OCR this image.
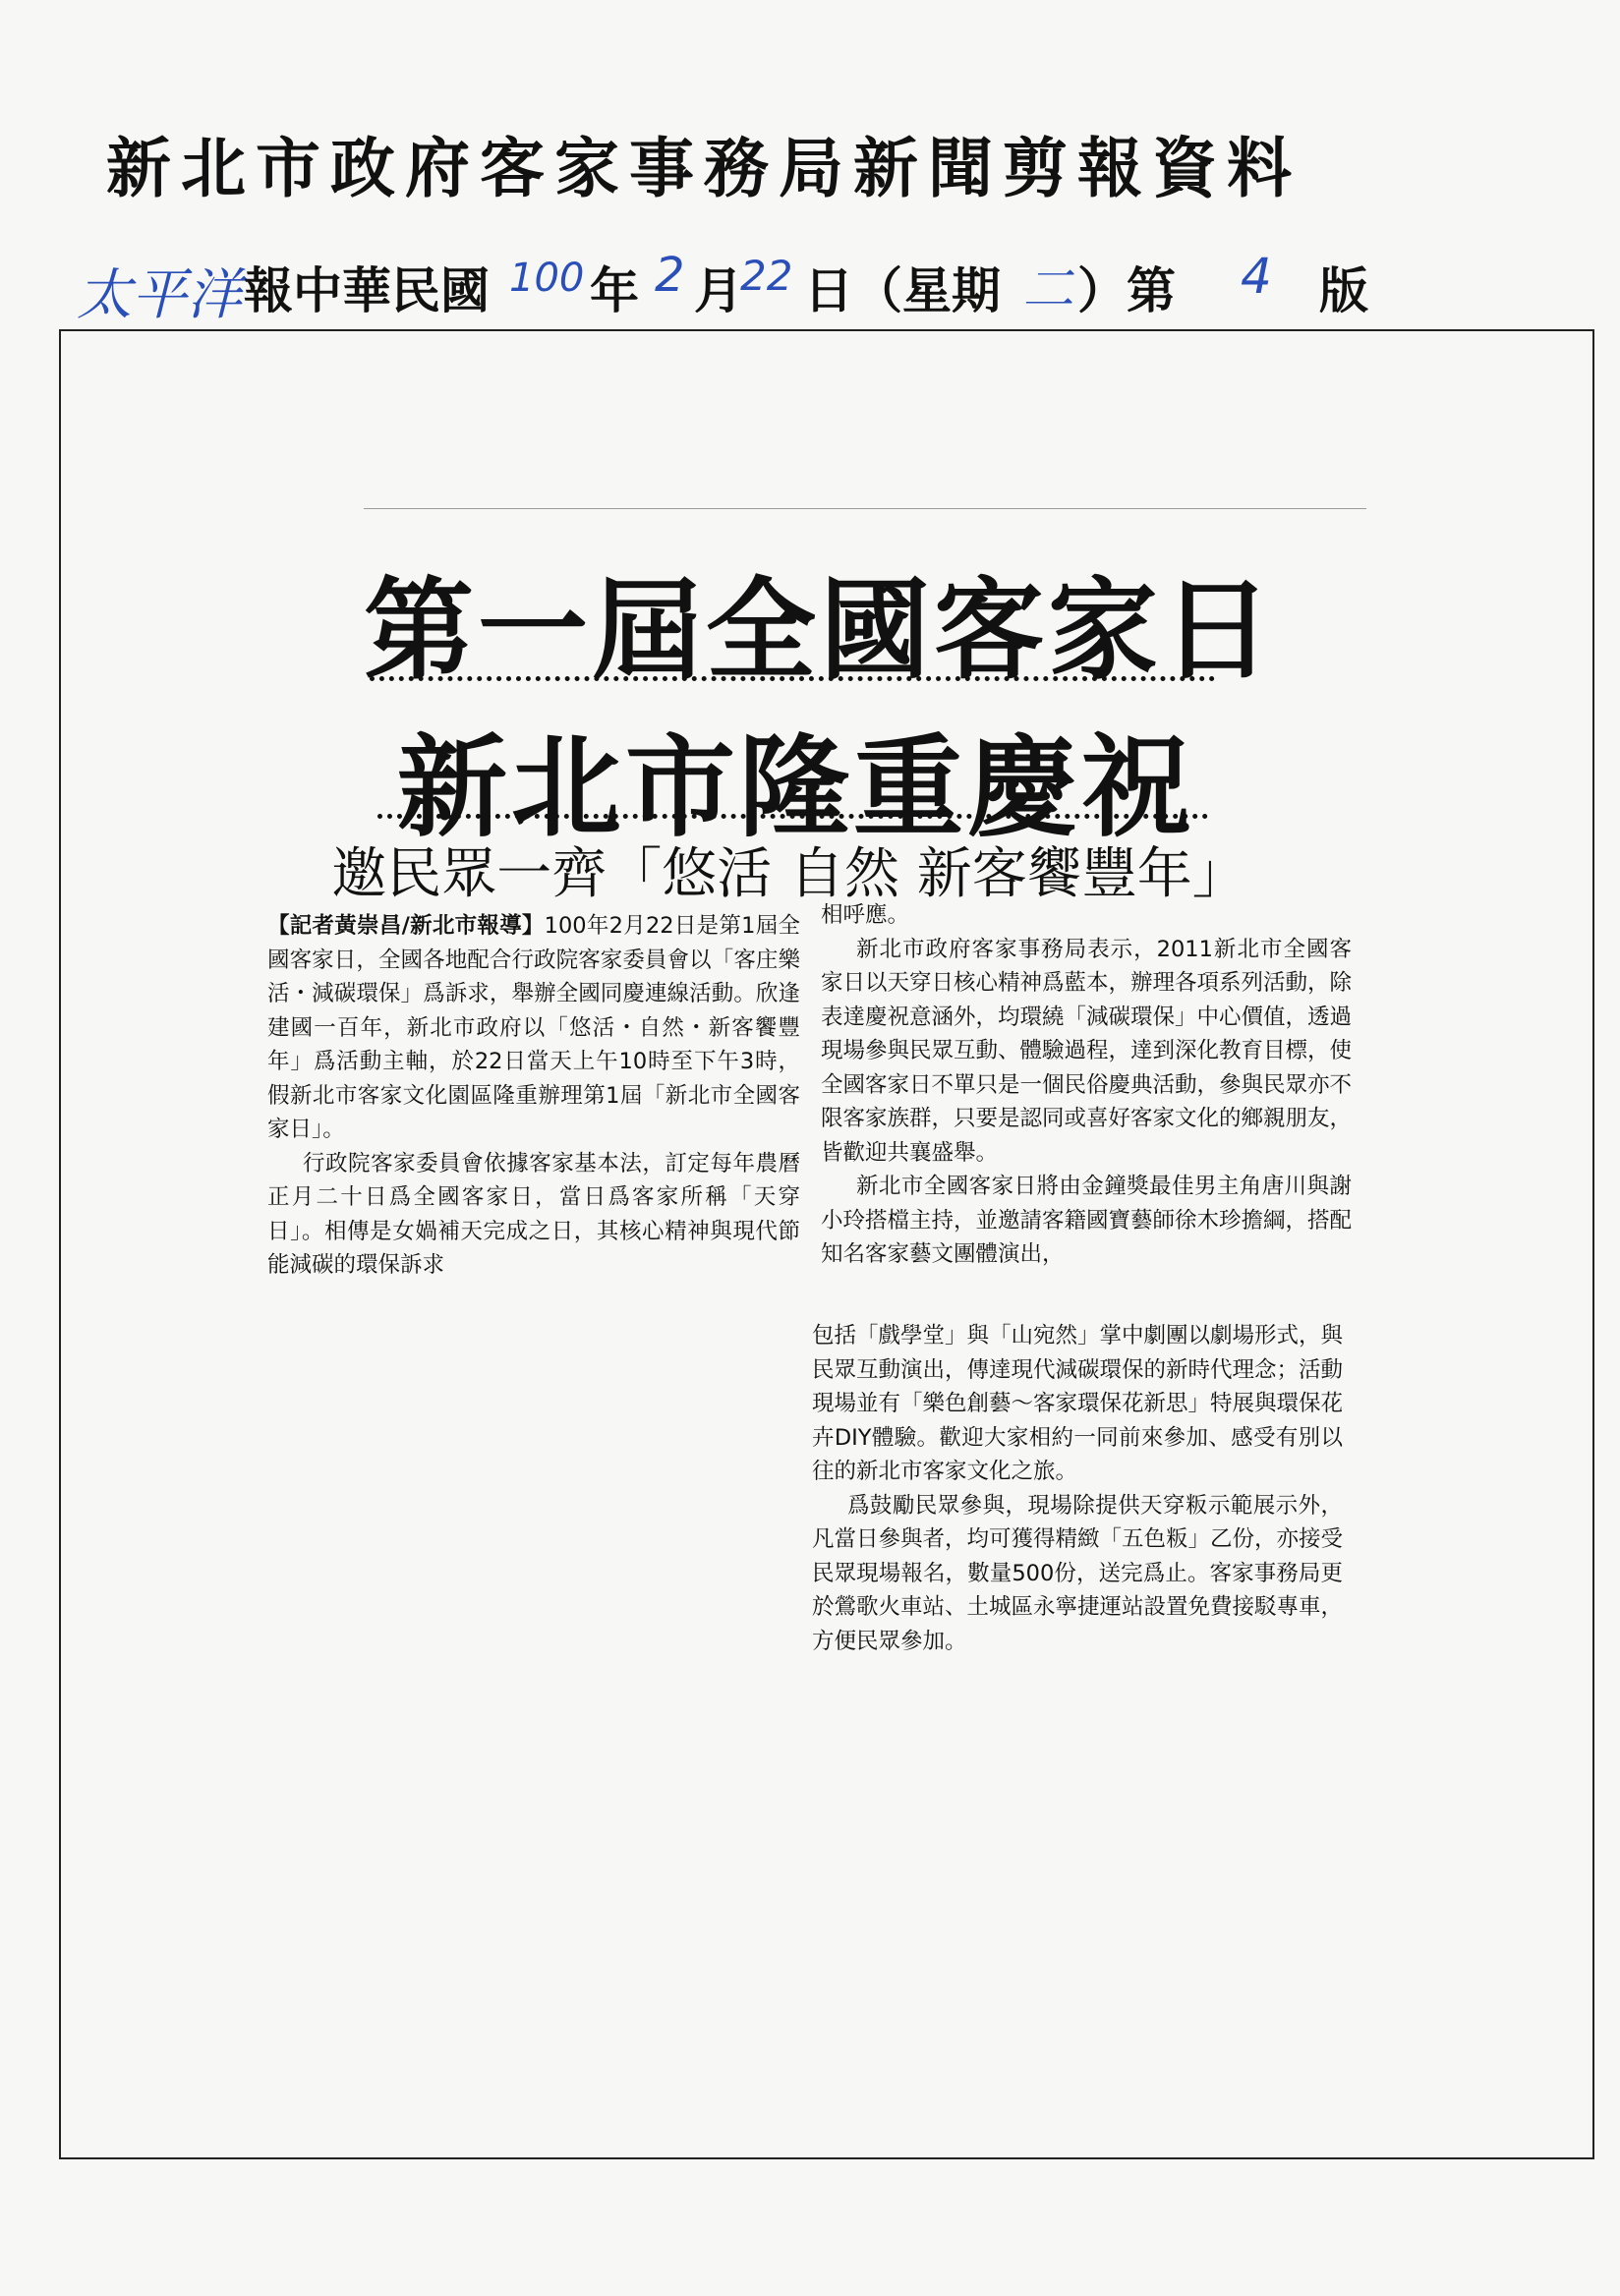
新北市政府客家事務局新聞剪報資料
太平洋 報中華民國 100 年 2 月
22 日（星期 二 ）第 4 版
第一屆全國客家日
新北市隆重慶祝
邀民眾一齊「悠活 自然 新客饗豐年」

【記者黃崇昌/新北市報導】100年2月22日是第1屆全國客家日，全國各地配合行政院客家委員會以「客庄樂活・減碳環保」爲訴求，舉辦全國同慶連線活動。欣逢建國一百年，新北市政府以「悠活・自然・新客饗豐年」爲活動主軸，於22日當天上午10時至下午3時，假新北市客家文化園區隆重辦理第1屆「新北市全國客家日」。

行政院客家委員會依據客家基本法，訂定每年農曆正月二十日爲全國客家日，當日爲客家所稱「天穿日」。相傳是女媧補天完成之日，其核心精神與現代節能減碳的環保訴求

相呼應。

新北市政府客家事務局表示，2011新北市全國客家日以天穿日核心精神爲藍本，辦理各項系列活動，除表達慶祝意涵外，均環繞「減碳環保」中心價值，透過現場參與民眾互動、體驗過程，達到深化教育目標，使全國客家日不單只是一個民俗慶典活動，參與民眾亦不限客家族群，只要是認同或喜好客家文化的鄉親朋友，皆歡迎共襄盛舉。

新北市全國客家日將由金鐘獎最佳男主角唐川與謝小玲搭檔主持，並邀請客籍國寶藝師徐木珍擔綱，搭配知名客家藝文團體演出，

包括「戲學堂」與「山宛然」掌中劇團以劇場形式，與民眾互動演出，傳達現代減碳環保的新時代理念；活動現場並有「樂色創藝～客家環保花新思」特展與環保花卉DIY體驗。歡迎大家相約一同前來參加、感受有別以往的新北市客家文化之旅。

爲鼓勵民眾參與，現場除提供天穿粄示範展示外，凡當日參與者，均可獲得精緻「五色粄」乙份，亦接受民眾現場報名，數量500份，送完爲止。客家事務局更於鶯歌火車站、土城區永寧捷運站設置免費接駁專車，方便民眾參加。
